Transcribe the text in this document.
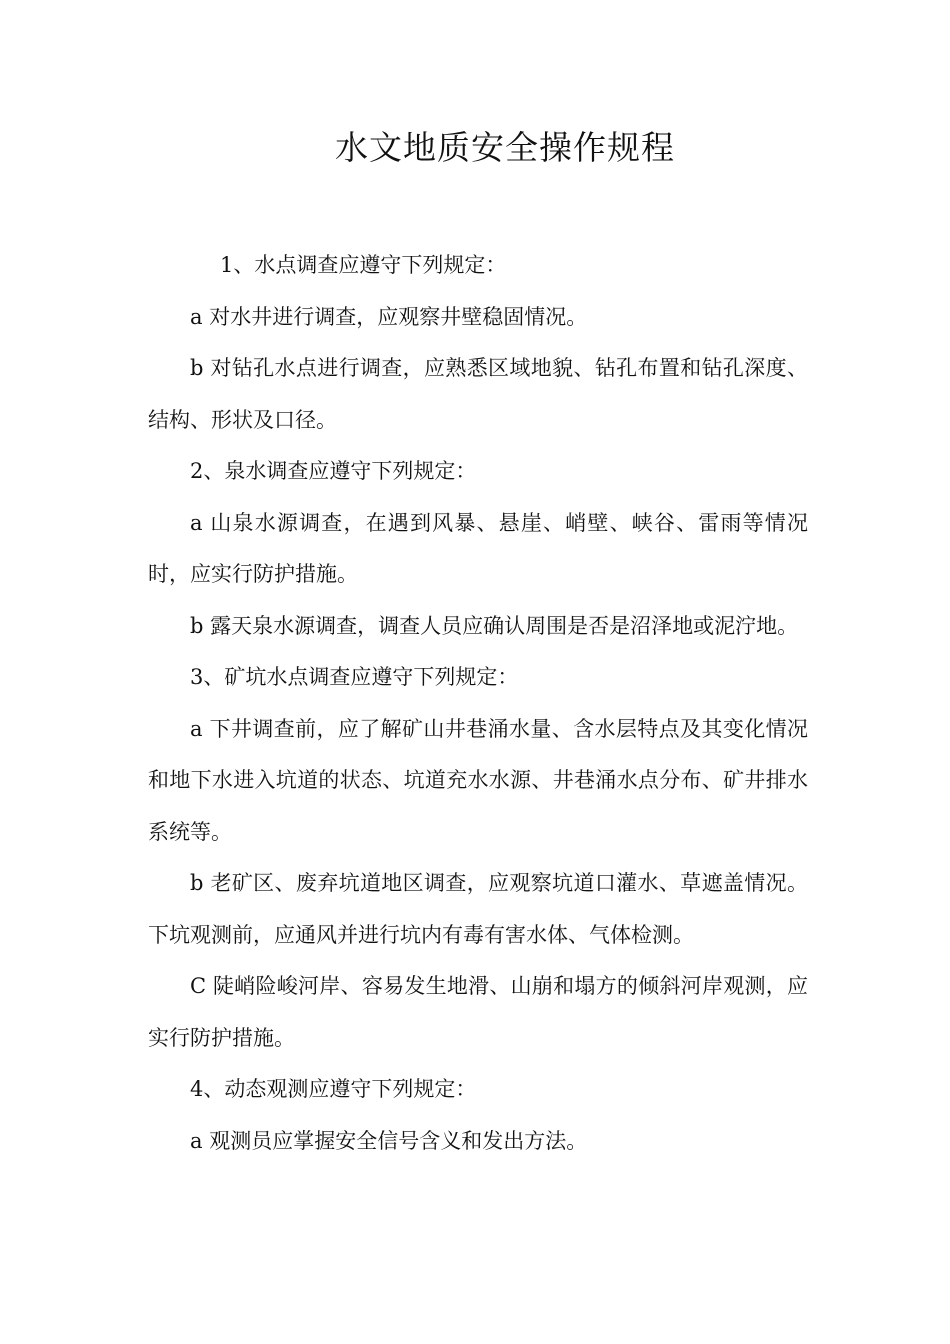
水文地质安全操作规程

1、水点调查应遵守下列规定：

a 对水井进行调查，应观察井壁稳固情况。

b 对钻孔水点进行调查，应熟悉区域地貌、钻孔布置和钻孔深度、结构、形状及口径。

2、泉水调查应遵守下列规定：

a 山泉水源调查，在遇到风暴、悬崖、峭壁、峡谷、雷雨等情况时，应实行防护措施。

b 露天泉水源调查，调查人员应确认周围是否是沼泽地或泥泞地。

3、矿坑水点调查应遵守下列规定：

a 下井调查前，应了解矿山井巷涌水量、含水层特点及其变化情况和地下水进入坑道的状态、坑道充水水源、井巷涌水点分布、矿井排水系统等。

b 老矿区、废弃坑道地区调查，应观察坑道口灌水、草遮盖情况。下坑观测前，应通风并进行坑内有毒有害水体、气体检测。

C 陡峭险峻河岸、容易发生地滑、山崩和塌方的倾斜河岸观测，应实行防护措施。

4、动态观测应遵守下列规定：

a 观测员应掌握安全信号含义和发出方法。
